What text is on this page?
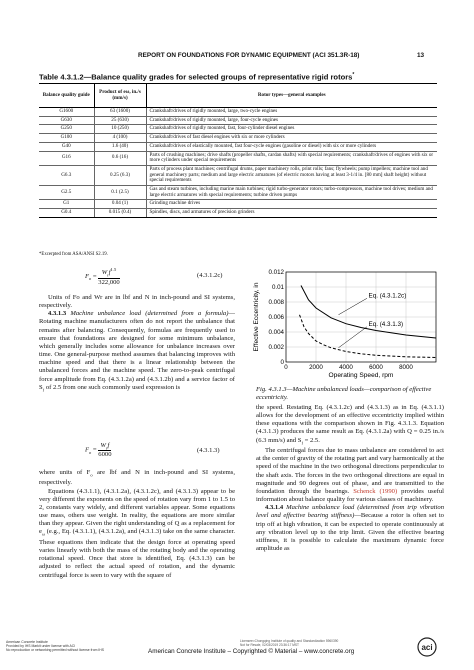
REPORT ON FOUNDATIONS FOR DYNAMIC EQUIPMENT (ACI 351.3R-18)	13
Table 4.3.1.2—Balance quality grades for selected groups of representative rigid rotors*
Balance quality guide	Product of eω, in./s (mm/s)	Rotor types—general examples
G1600	63 (1600)	Crankshaft/drives of rigidly mounted, large, two-cycle engines
G630	25 (630)	Crankshaft/drives of rigidly mounted, large, four-cycle engines
G250	10 (250)	Crankshaft/drives of rigidly mounted, fast, four-cylinder diesel engines
G100	4 (100)	Crankshaft/drives of fast diesel engines with six or more cylinders
G40	1.6 (40)	Crankshaft/drives of elastically mounted, fast four-cycle engines (gasoline or diesel) with six or more cylinders
G16	0.6 (16)	Parts of crushing machines; drive shafts (propeller shafts, cardan shafts) with special requirements; crankshaft/drives of engines with six or more cylinders under special requirements
G6.3	0.25 (6.3)	Parts of process plant machines; centrifugal drums, paper machinery rolls, print rolls; fans; flywheels; pump impellers; machine tool and general machinery parts; medium and large electric armatures (of electric motors having at least 3-1/4 in. [80 mm] shaft height) without special requirements
G2.5	0.1 (2.5)	Gas and steam turbines, including marine main turbines; rigid turbo-generator rotors; turbo-compressors, machine tool drives; medium and large electric armatures with special requirements; turbine driven pumps
G1	0.04 (1)	Grinding machine drives
G0.4	0.015 (0.4)	Spindles, discs, and armatures of precision grinders
*Excerpted from ASA/ANSI S2.19.
$F_o = \frac{W_rf^{1.5}}{322,000}$	(4.3.1.2c)

Units of Fo and Wr are in lbf and N in inch-pound and SI systems, respectively.

4.3.1.3 Machine unbalance load (determined from a formula)—Rotating machine manufacturers often do not report the unbalance that remains after balancing. Consequently, formulas are frequently used to ensure that foundations are designed for some minimum unbalance, which generally includes some allowance for unbalance increases over time. One general-purpose method assumes that balancing improves with machine speed and that there is a linear relationship between the unbalanced forces and the machine speed. The zero-to-peak centrifugal force amplitude from Eq. (4.3.1.2a) and (4.3.1.2b) and a service factor of $S_f$ of 2.5 from one such commonly used expression is

$F_o = \frac{W_rf}{6000}$	(4.3.1.3)

where units of $F_o$ are lbf and N in inch-pound and SI systems, respectively.

Equations (4.3.1.1), (4.3.1.2a), (4.3.1.2c), and (4.3.1.3) appear to be very different the exponents on the speed of rotation vary from 1 to 1.5 to 2, constants vary widely, and different variables appear. Some equations use mass, others use weight. In reality, the equations are more similar than they appear. Given the right understanding of Q as a replacement for $e_\omega$ (e.g., Eq. (4.3.1.1), (4.3.1.2a), and (4.3.1.3) take on the same character. These equations then indicate that the design force at operating speed varies linearly with both the mass of the rotating body and the operating rotational speed. Once that store is identified, Eq. (4.3.1.3) can be adjusted to reflect the actual speed of rotation, and the dynamic centrifugal force is seen to vary with the square of

0
0.002
0.004
0.006
0.008
0.01
0.012
0	2000	4000	6000	8000
Operating Speed, rpm
Effective Eccentricity, in	Eq. (4.3.1.2c)
Eq. (4.3.1.3)
Fig. 4.3.1.3—Machine unbalanced loads—comparison of effective eccentricity.

the speed. Restating Eq. (4.3.1.2c) and (4.3.1.3) as in Eq. (4.3.1.1) allows for the development of an effective eccentricity implied within these equations with the comparison shown in Fig. 4.3.1.3. Equation (4.3.1.3) produces the same result as Eq. (4.3.1.2a) with Q = 0.25 in./s (6.3 mm/s) and $S_f = 2.5$.

The centrifugal forces due to mass unbalance are considered to act at the center of gravity of the rotating part and vary harmonically at the speed of the machine in the two orthogonal directions perpendicular to the shaft axis. The forces in the two orthogonal directions are equal in magnitude and 90 degrees out of phase, and are transmitted to the foundation through the bearings. Schenck (1990) provides useful information about balance quality for various classes of machinery.

4.3.1.4 Machine unbalance load (determined from trip vibration level and effective bearing stiffness)—Because a rotor is often set to trip off at high vibration, it can be expected to operate continuously at any vibration level up to the trip limit. Given the effective bearing stiffness, it is possible to calculate the maximum dynamic force amplitude as

American Concrete Institute
Provided by IHS Markit under license with ACI
No reproduction or networking permitted without license from IHS
Licensee=Chongqing Institute of quality and Standardization 5960390
Not for Resale, 02/03/2019 23:36:17 MST
American Concrete Institute – Copyrighted © Material – www.concrete.org	aci
